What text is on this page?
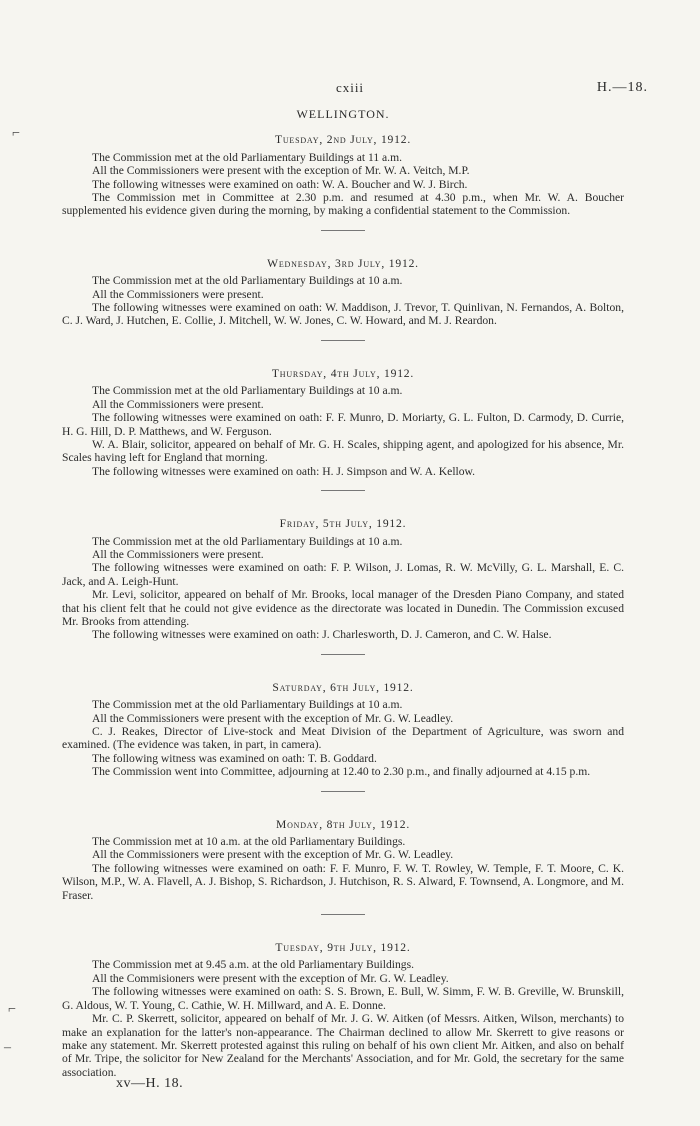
cxiii	H.—18.
⌐
⌐
–
WELLINGTON.
Tuesday, 2nd July, 1912.

The Commission met at the old Parliamentary Buildings at 11 a.m.

All the Commissioners were present with the exception of Mr. W. A. Veitch, M.P.

The following witnesses were examined on oath: W. A. Boucher and W. J. Birch.

The Commission met in Committee at 2.30 p.m. and resumed at 4.30 p.m., when Mr. W. A. Boucher supplemented his evidence given during the morning, by making a confidential statement to the Commission.

Wednesday, 3rd July, 1912.

The Commission met at the old Parliamentary Buildings at 10 a.m.

All the Commissioners were present.

The following witnesses were examined on oath: W. Maddison, J. Trevor, T. Quinlivan, N. Fernandos, A. Bolton, C. J. Ward, J. Hutchen, E. Collie, J. Mitchell, W. W. Jones, C. W. Howard, and M. J. Reardon.

Thursday, 4th July, 1912.

The Commission met at the old Parliamentary Buildings at 10 a.m.

All the Commissioners were present.

The following witnesses were examined on oath: F. F. Munro, D. Moriarty, G. L. Fulton, D. Carmody, D. Currie, H. G. Hill, D. P. Matthews, and W. Ferguson.

W. A. Blair, solicitor, appeared on behalf of Mr. G. H. Scales, shipping agent, and apologized for his absence, Mr. Scales having left for England that morning.

The following witnesses were examined on oath: H. J. Simpson and W. A. Kellow.

Friday, 5th July, 1912.

The Commission met at the old Parliamentary Buildings at 10 a.m.

All the Commissioners were present.

The following witnesses were examined on oath: F. P. Wilson, J. Lomas, R. W. McVilly, G. L. Marshall, E. C. Jack, and A. Leigh-Hunt.

Mr. Levi, solicitor, appeared on behalf of Mr. Brooks, local manager of the Dresden Piano Company, and stated that his client felt that he could not give evidence as the directorate was located in Dunedin. The Commission excused Mr. Brooks from attending.

The following witnesses were examined on oath: J. Charlesworth, D. J. Cameron, and C. W. Halse.

Saturday, 6th July, 1912.

The Commission met at the old Parliamentary Buildings at 10 a.m.

All the Commissioners were present with the exception of Mr. G. W. Leadley.

C. J. Reakes, Director of Live-stock and Meat Division of the Department of Agriculture, was sworn and examined. (The evidence was taken, in part, in camera).

The following witness was examined on oath: T. B. Goddard.

The Commission went into Committee, adjourning at 12.40 to 2.30 p.m., and finally adjourned at 4.15 p.m.

Monday, 8th July, 1912.

The Commission met at 10 a.m. at the old Parliamentary Buildings.

All the Commissioners were present with the exception of Mr. G. W. Leadley.

The following witnesses were examined on oath: F. F. Munro, F. W. T. Rowley, W. Temple, F. T. Moore, C. K. Wilson, M.P., W. A. Flavell, A. J. Bishop, S. Richardson, J. Hutchison, R. S. Alward, F. Townsend, A. Longmore, and M. Fraser.

Tuesday, 9th July, 1912.

The Commission met at 9.45 a.m. at the old Parliamentary Buildings.

All the Commisioners were present with the exception of Mr. G. W. Leadley.

The following witnesses were examined on oath: S. S. Brown, E. Bull, W. Simm, F. W. B. Greville, W. Brunskill, G. Aldous, W. T. Young, C. Cathie, W. H. Millward, and A. E. Donne.

Mr. C. P. Skerrett, solicitor, appeared on behalf of Mr. J. G. W. Aitken (of Messrs. Aitken, Wilson, merchants) to make an explanation for the latter's non-appearance. The Chairman declined to allow Mr. Skerrett to give reasons or make any statement. Mr. Skerrett protested against this ruling on behalf of his own client Mr. Aitken, and also on behalf of Mr. Tripe, the solicitor for New Zealand for the Merchants' Association, and for Mr. Gold, the secretary for the same association.

xv—H. 18.
